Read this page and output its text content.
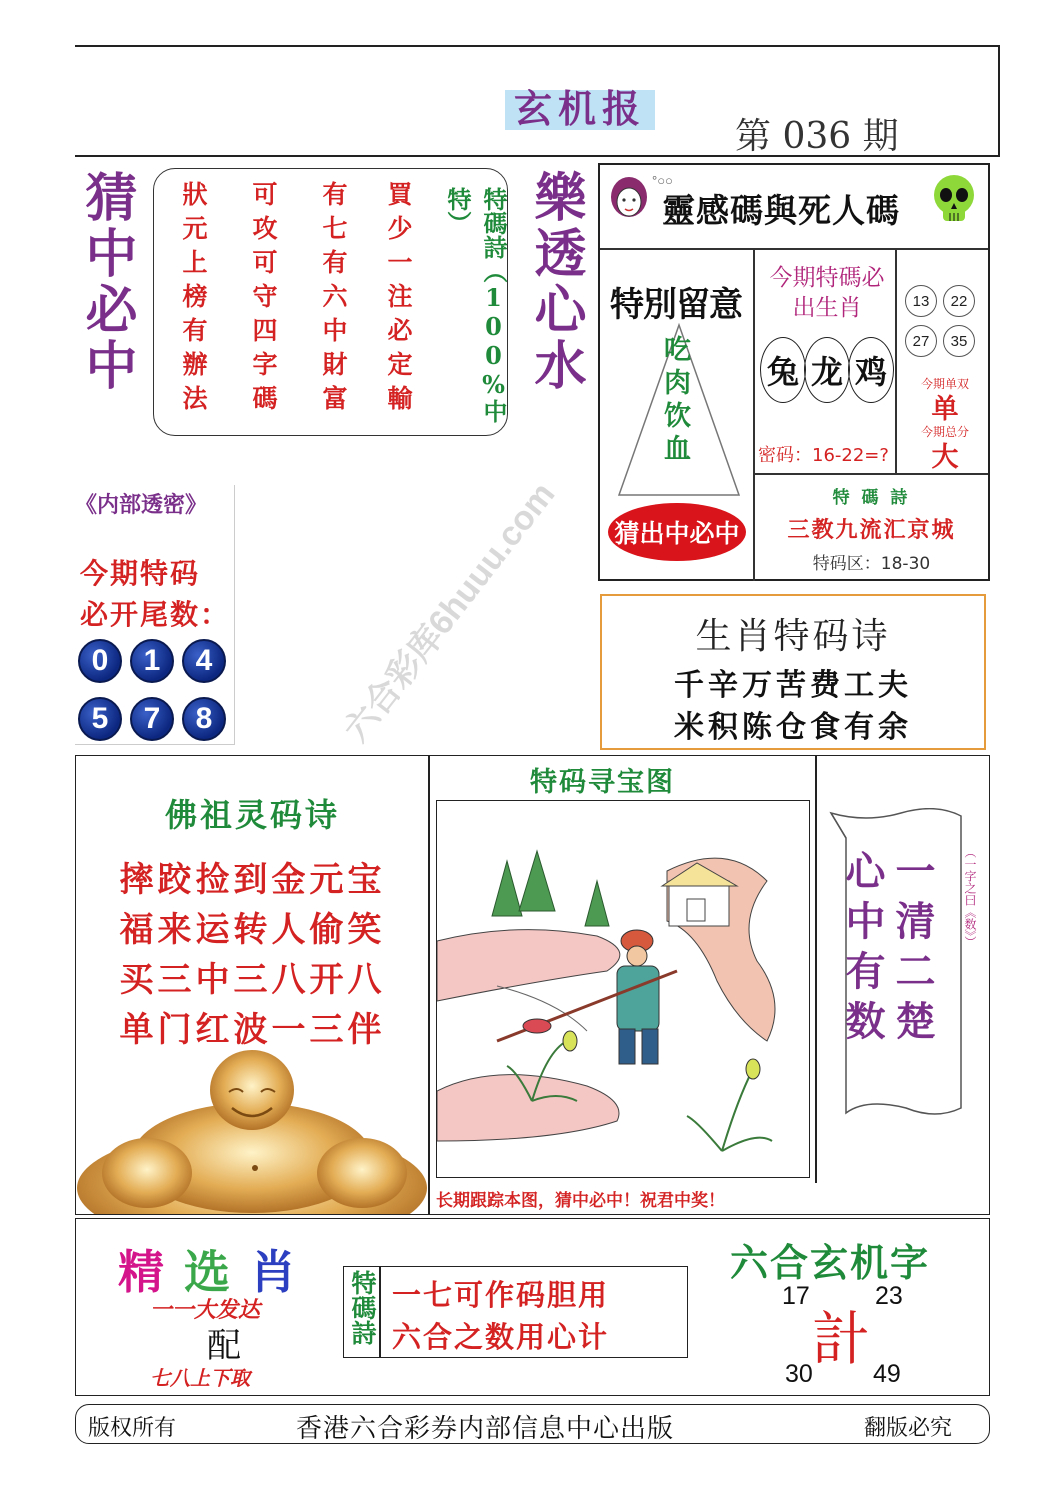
玄机报
第 036 期
猜中必中	樂透心水
狀元上榜有辦法 可攻可守四字碼 有七有六中財富 買少一注必定輸	特碼詩（100%中特）
°○○
靈感碼與死人碼
特別留意
吃肉饮血
猜出中必中
今期特碼必出生肖
兔 龙 鸡
密码：16-22=?
13	22
27	35
今期单双
单
今期总分
大
特 碼 詩
三教九流汇京城
特码区：18-30
《内部透密》
今期特码
必开尾数：
0	1	4
5	7	8
生肖特码诗
千辛万苦费工夫
米积陈仓食有余
佛祖灵码诗
摔跤捡到金元宝
福来运转人偷笑
买三中三八开八
单门红波一三伴
特码寻宝图
长期跟踪本图，猜中必中！祝君中奖！
心中有数 一清二楚 （一字之曰《数》）
精选肖
一一大发达
配
七八上下取
特碼詩 一七可作码胆用
六合之数用心计
六合玄机字
17	23
計
30 49
版权所有	香港六合彩券内部信息中心出版	翻版必究
六合彩库6huuu.com
